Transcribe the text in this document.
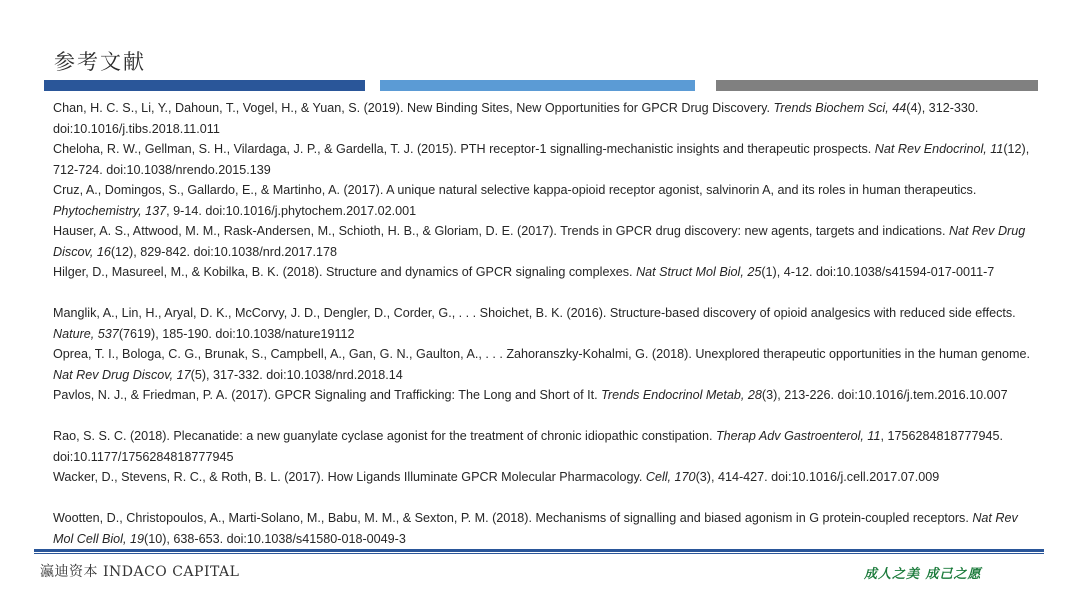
参考文献
Chan, H. C. S., Li, Y., Dahoun, T., Vogel, H., & Yuan, S. (2019). New Binding Sites, New Opportunities for GPCR Drug Discovery. Trends Biochem Sci, 44(4), 312-330. doi:10.1016/j.tibs.2018.11.011
Cheloha, R. W., Gellman, S. H., Vilardaga, J. P., & Gardella, T. J. (2015). PTH receptor-1 signalling-mechanistic insights and therapeutic prospects. Nat Rev Endocrinol, 11(12), 712-724. doi:10.1038/nrendo.2015.139
Cruz, A., Domingos, S., Gallardo, E., & Martinho, A. (2017). A unique natural selective kappa-opioid receptor agonist, salvinorin A, and its roles in human therapeutics. Phytochemistry, 137, 9-14. doi:10.1016/j.phytochem.2017.02.001
Hauser, A. S., Attwood, M. M., Rask-Andersen, M., Schioth, H. B., & Gloriam, D. E. (2017). Trends in GPCR drug discovery: new agents, targets and indications. Nat Rev Drug Discov, 16(12), 829-842. doi:10.1038/nrd.2017.178
Hilger, D., Masureel, M., & Kobilka, B. K. (2018). Structure and dynamics of GPCR signaling complexes. Nat Struct Mol Biol, 25(1), 4-12. doi:10.1038/s41594-017-0011-7
Manglik, A., Lin, H., Aryal, D. K., McCorvy, J. D., Dengler, D., Corder, G., . . . Shoichet, B. K. (2016). Structure-based discovery of opioid analgesics with reduced side effects. Nature, 537(7619), 185-190. doi:10.1038/nature19112
Oprea, T. I., Bologa, C. G., Brunak, S., Campbell, A., Gan, G. N., Gaulton, A., . . . Zahoranszky-Kohalmi, G. (2018). Unexplored therapeutic opportunities in the human genome. Nat Rev Drug Discov, 17(5), 317-332. doi:10.1038/nrd.2018.14
Pavlos, N. J., & Friedman, P. A. (2017). GPCR Signaling and Trafficking: The Long and Short of It. Trends Endocrinol Metab, 28(3), 213-226. doi:10.1016/j.tem.2016.10.007
Rao, S. S. C. (2018). Plecanatide: a new guanylate cyclase agonist for the treatment of chronic idiopathic constipation. Therap Adv Gastroenterol, 11, 1756284818777945. doi:10.1177/1756284818777945
Wacker, D., Stevens, R. C., & Roth, B. L. (2017). How Ligands Illuminate GPCR Molecular Pharmacology. Cell, 170(3), 414-427. doi:10.1016/j.cell.2017.07.009
Wootten, D., Christopoulos, A., Marti-Solano, M., Babu, M. M., & Sexton, P. M. (2018). Mechanisms of signalling and biased agonism in G protein-coupled receptors. Nat Rev Mol Cell Biol, 19(10), 638-653. doi:10.1038/s41580-018-0049-3
瀛迪资本 INDACO CAPITAL	成人之美 成己之愿
